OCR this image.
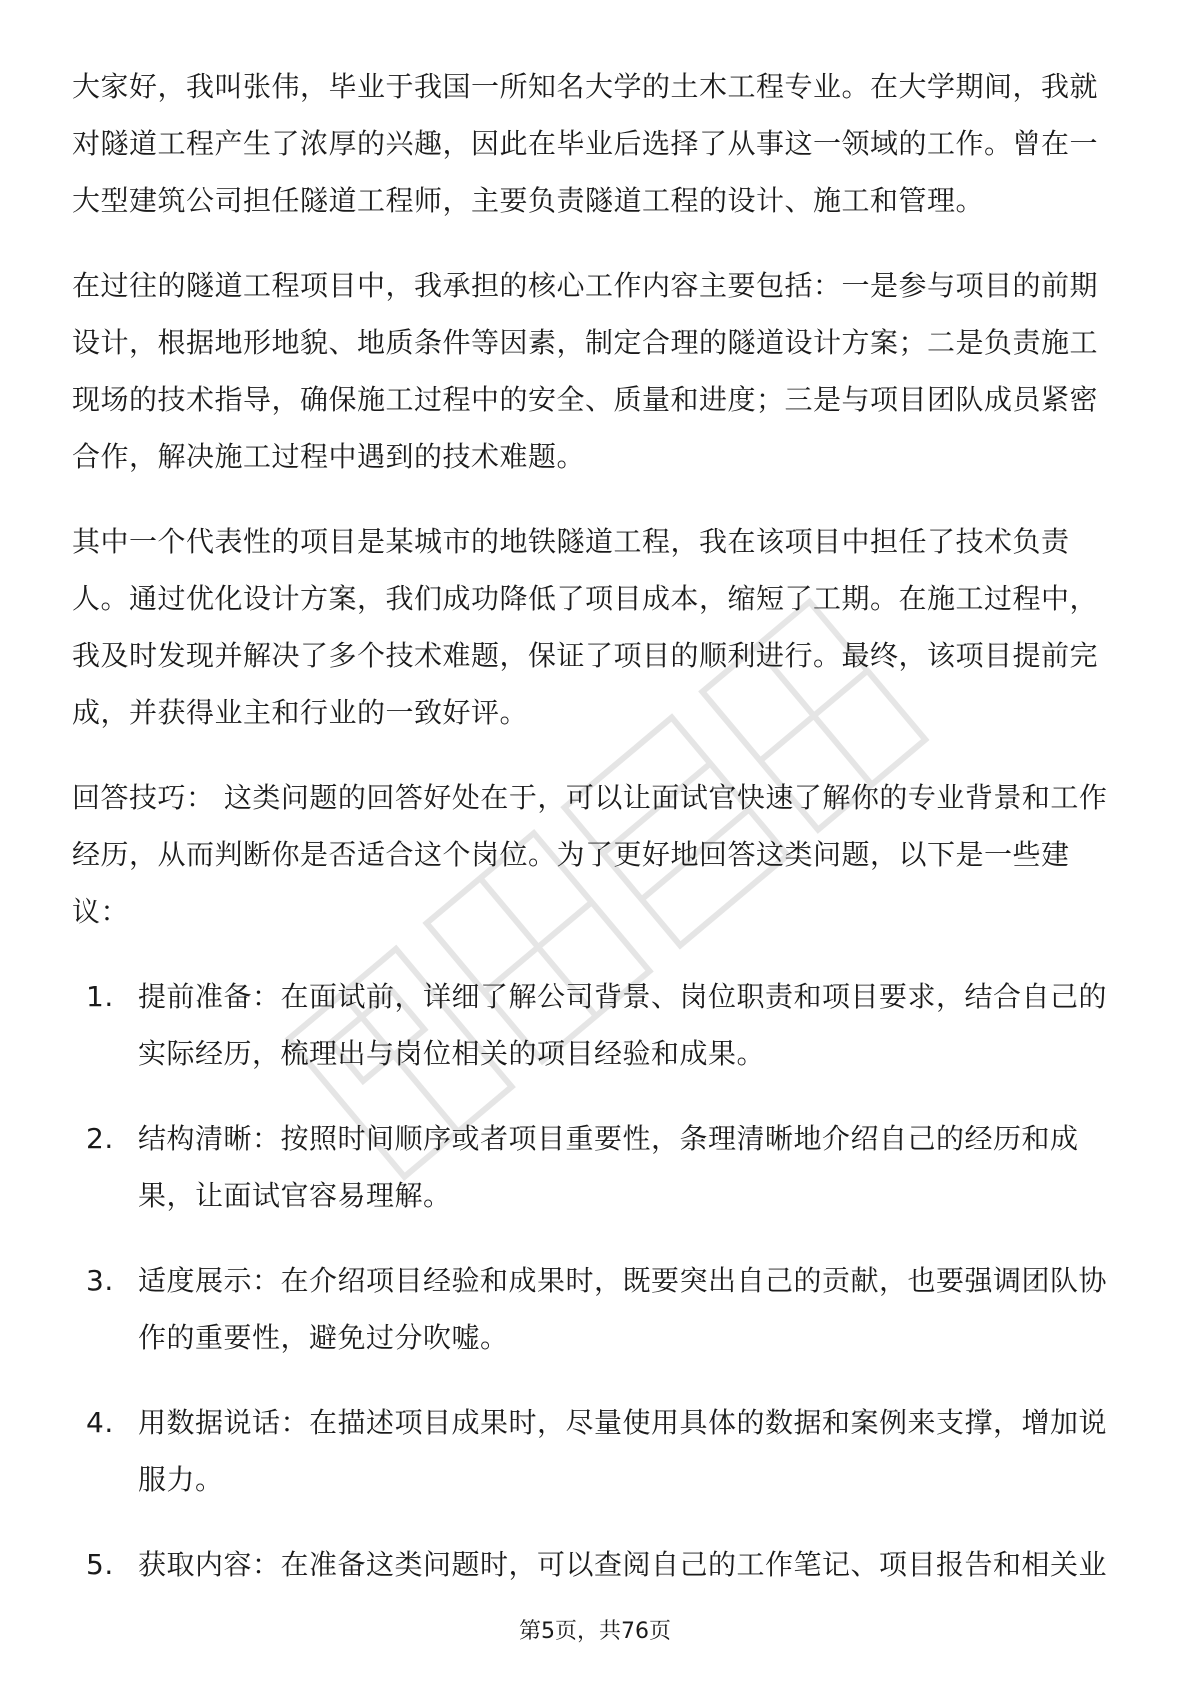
大家好，我叫张伟，毕业于我国一所知名大学的土木工程专业。在大学期间，我就对隧道工程产生了浓厚的兴趣，因此在毕业后选择了从事这一领域的工作。曾在一大型建筑公司担任隧道工程师，主要负责隧道工程的设计、施工和管理。

在过往的隧道工程项目中，我承担的核心工作内容主要包括：一是参与项目的前期设计，根据地形地貌、地质条件等因素，制定合理的隧道设计方案；二是负责施工现场的技术指导，确保施工过程中的安全、质量和进度；三是与项目团队成员紧密合作，解决施工过程中遇到的技术难题。

其中一个代表性的项目是某城市的地铁隧道工程，我在该项目中担任了技术负责人。通过优化设计方案，我们成功降低了项目成本，缩短了工期。在施工过程中，我及时发现并解决了多个技术难题，保证了项目的顺利进行。最终，该项目提前完成，并获得业主和行业的一致好评。

回答技巧： 这类问题的回答好处在于，可以让面试官快速了解你的专业背景和工作经历，从而判断你是否适合这个岗位。为了更好地回答这类问题，以下是一些建议：

1. 提前准备：在面试前，详细了解公司背景、岗位职责和项目要求，结合自己的实际经历，梳理出与岗位相关的项目经验和成果。
2. 结构清晰：按照时间顺序或者项目重要性，条理清晰地介绍自己的经历和成果，让面试官容易理解。
3. 适度展示：在介绍项目经验和成果时，既要突出自己的贡献，也要强调团队协作的重要性，避免过分吹嘘。
4. 用数据说话：在描述项目成果时，尽量使用具体的数据和案例来支撑，增加说服力。
5. 获取内容：在准备这类问题时，可以查阅自己的工作笔记、项目报告和相关业
第5页，共76页
